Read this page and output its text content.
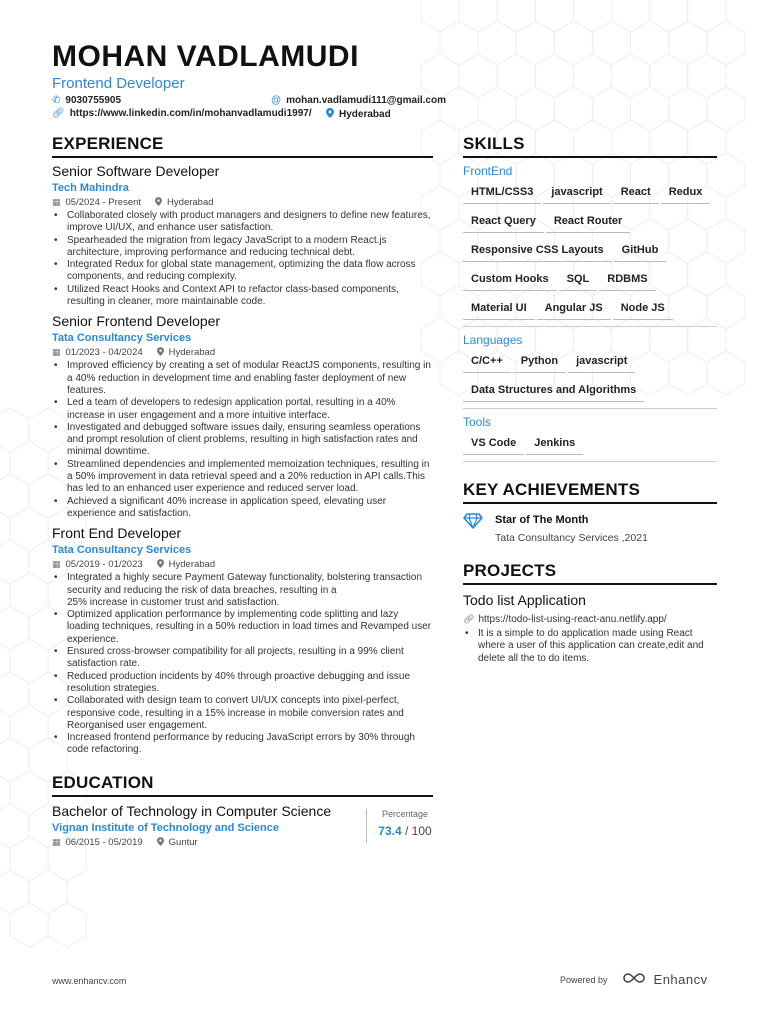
MOHAN VADLAMUDI
Frontend Developer
✆ 9030755905	@ mohan.vadlamudi111@gmail.com
🔗︎ https://www.linkedin.com/in/mohanvadlamudi1997/	Hyderabad
EXPERIENCE
Senior Software Developer
Tech Mahindra
▦ 05/2024 - Present	Hyderabad
• Collaborated closely with product managers and designers to define new features, improve UI/UX, and enhance user satisfaction.
• Spearheaded the migration from legacy JavaScript to a modern React.js architecture, improving performance and reducing technical debt.
• Integrated Redux for global state management, optimizing the data flow across components, and reducing complexity.
• Utilized React Hooks and Context API to refactor class-based components, resulting in cleaner, more maintainable code.
Senior Frontend Developer
Tata Consultancy Services
▦ 01/2023 - 04/2024	Hyderabad
• Improved efficiency by creating a set of modular ReactJS components, resulting in a 40% reduction in development time and enabling faster deployment of new features.
• Led a team of developers to redesign application portal, resulting in a 40% increase in user engagement and a more intuitive interface.
• Investigated and debugged software issues daily, ensuring seamless operations and prompt resolution of client problems, resulting in high satisfaction rates and minimal downtime.
• Streamlined dependencies and implemented memoization techniques, resulting in a 50% improvement in data retrieval speed and a 20% reduction in API calls.This has led to an enhanced user experience and reduced server load.
• Achieved a significant 40% increase in application speed, elevating user experience and satisfaction.
Front End Developer
Tata Consultancy Services
▦ 05/2019 - 01/2023	Hyderabad
• Integrated a highly secure Payment Gateway functionality, bolstering transaction security and reducing the risk of data breaches, resulting in a
25% increase in customer trust and satisfaction.
• Optimized application performance by implementing code splitting and lazy loading techniques, resulting in a 50% reduction in load times and Revamped user experience.
• Ensured cross-browser compatibility for all projects, resulting in a 99% client satisfaction rate.
• Reduced production incidents by 40% through proactive debugging and issue resolution strategies.
• Collaborated with design team to convert UI/UX concepts into pixel-perfect, responsive code, resulting in a 15% increase in mobile conversion rates and Reorganised user engagement.
• Increased frontend performance by reducing JavaScript errors by 30% through code refactoring.
EDUCATION
Bachelor of Technology in Computer Science
Vignan Institute of Technology and Science
▦ 06/2015 - 05/2019	Guntur
Percentage
73.4 / 100
SKILLS
FrontEnd
HTML/CSS3	javascript	React	Redux
React Query	React Router
Responsive CSS Layouts	GitHub
Custom Hooks	SQL	RDBMS
Material UI	Angular JS	Node JS
Languages
C/C++	Python	javascript
Data Structures and Algorithms
Tools
VS Code	Jenkins
KEY ACHIEVEMENTS
Star of The Month
Tata Consultancy Services ,2021
PROJECTS
Todo list Application
🔗︎ https://todo-list-using-react-anu.netlify.app/
• It is a simple to do application made using React where a user of this application can create,edit and delete all the to do items.
www.enhancv.com	Powered by	Enhancv
